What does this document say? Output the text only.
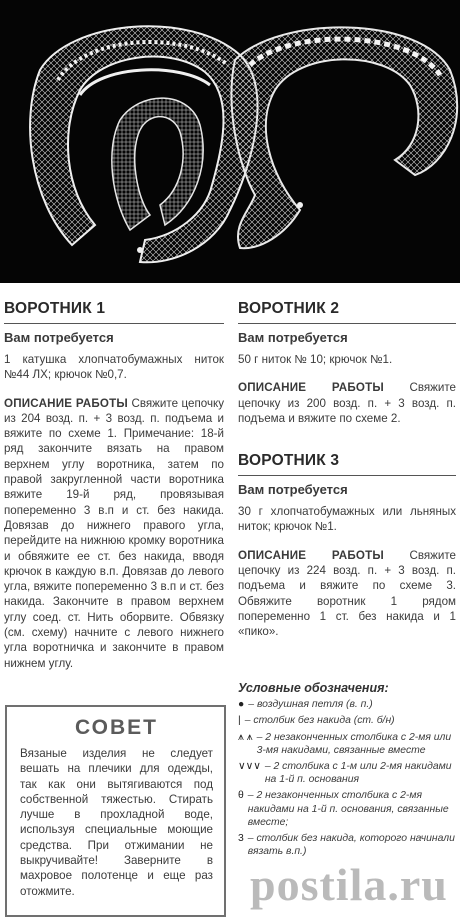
ВОРОТНИК 1
Вам потребуется
1 катушка хлопчатобумажных ниток №44 ЛХ; крючок №0,7.
ОПИСАНИЕ РАБОТЫ Свяжите цепочку из 204 возд. п. + 3 возд. п. подъема и вяжите по схеме 1. Примечание: 18-й ряд закончите вязать на правом верхнем углу воротника, затем по правой закругленной части воротника вяжите 19-й ряд, провязывая попеременно 3 в.п и ст. без накида. Довязав до нижнего правого угла, перейдите на нижнюю кромку воротника и обвяжите ее ст. без накида, вводя крючок в каждую в.п. Довязав до левого угла, вяжите попеременно 3 в.п и ст. без накида. Закончите в правом верхнем углу соед. ст. Нить оборвите. Обвязку (см. схему) начните с левого нижнего угла воротничка и закончите в правом нижнем углу.
ВОРОТНИК 2
Вам потребуется
50 г ниток № 10; крючок №1.
ОПИСАНИЕ РАБОТЫ Свяжите цепочку из 200 возд. п. + 3 возд. п. подъема и вяжите по схеме 2.
ВОРОТНИК 3
Вам потребуется
30 г хлопчатобумажных или льняных ниток; крючок №1.
ОПИСАНИЕ РАБОТЫ Свяжите цепочку из 224 возд. п. + 3 возд. п. подъема и вяжите по схеме 3. Обвяжите воротник 1 рядом попеременно 1 ст. без накида и 1 «пико».
СОВЕТ
Вязаные изделия не следует вешать на плечики для одежды, так как они вытягиваются под собственной тяжестью. Стирать лучше в прохладной воде, используя специальные моющие средства. При отжимании не выкручивайте! Заверните в махровое полотенце и еще раз отожмите.
Условные обозначения:
● – воздушная петля (в. п.)
| – столбик без накида (ст. б/н)
⩚ ⩚ – 2 незаконченных столбика с 2-мя или 3-мя накидами, связанные вместе
∨∨∨ – 2 столбика с 1-м или 2-мя накидами на 1-й п. основания
θ – 2 незаконченных столбика с 2-мя накидами на 1-й п. основания, связанные вместе;
3 – столбик без накида, которого начинали вязать в.п.)
postila.ru
